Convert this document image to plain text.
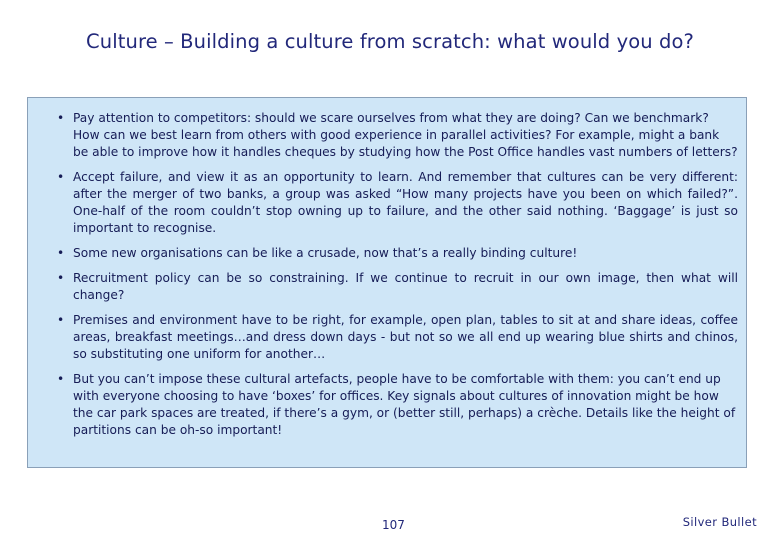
Culture – Building a culture from scratch: what would you do?
• Pay attention to competitors: should we scare ourselves from what they are doing? Can we benchmark? How can we best learn from others with good experience in parallel activities? For example, might a bank be able to improve how it handles cheques by studying how the Post Office handles vast numbers of letters?
• Accept failure, and view it as an opportunity to learn. And remember that cultures can be very different: after the merger of two banks, a group was asked “How many projects have you been on which failed?”. One-half of the room couldn’t stop owning up to failure, and the other said nothing. ‘Baggage’ is just so important to recognise.
• Some new organisations can be like a crusade, now that’s a really binding culture!
• Recruitment policy can be so constraining. If we continue to recruit in our own image, then what will change?
• Premises and environment have to be right, for example, open plan, tables to sit at and share ideas, coffee areas, breakfast meetings…and dress down days - but not so we all end up wearing blue shirts and chinos, so substituting one uniform for another…
• But you can’t impose these cultural artefacts, people have to be comfortable with them: you can’t end up with everyone choosing to have ‘boxes’ for offices. Key signals about cultures of innovation might be how the car park spaces are treated, if there’s a gym, or (better still, perhaps) a crèche. Details like the height of partitions can be oh-so important!
107	Silver Bullet
